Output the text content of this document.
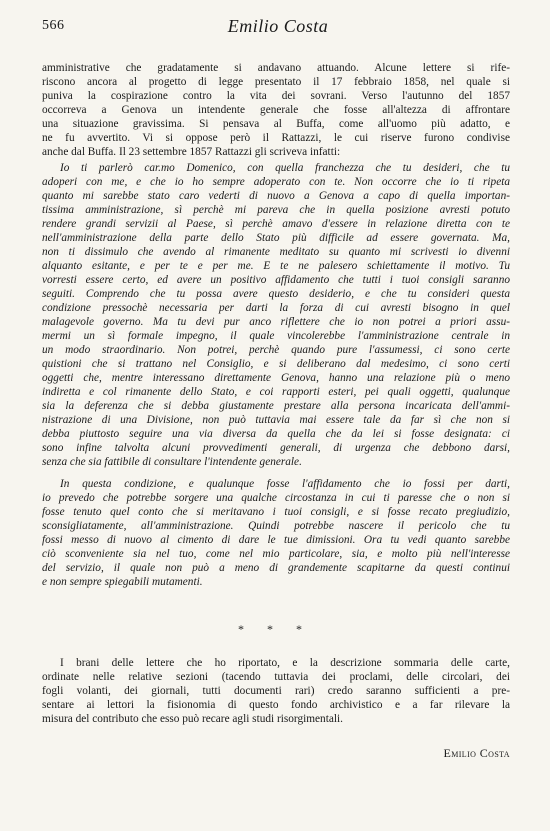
566	Emilio Costa
amministrative che gradatamente si andavano attuando. Alcune lettere si rife-
riscono ancora al progetto di legge presentato il 17 febbraio 1858, nel quale si
puniva la cospirazione contro la vita dei sovrani. Verso l'autunno del 1857
occorreva a Genova un intendente generale che fosse all'altezza di affrontare
una situazione gravissima. Si pensava al Buffa, come all'uomo più adatto, e
ne fu avvertito. Vi si oppose però il Rattazzi, le cui riserve furono condivise
anche dal Buffa. Il 23 settembre 1857 Rattazzi gli scriveva infatti:
Io ti parlerò car.mo Domenico, con quella franchezza che tu desideri, che tu
adoperi con me, e che io ho sempre adoperato con te. Non occorre che io ti ripeta
quanto mi sarebbe stato caro vederti di nuovo a Genova a capo di quella importan-
tissima amministrazione, sì perchè mi pareva che in quella posizione avresti potuto
rendere grandi servizii al Paese, sì perchè amavo d'essere in relazione diretta con te
nell'amministrazione della parte dello Stato più difficile ad essere governata. Ma,
non ti dissimulo che avendo al rimanente meditato su quanto mi scrivesti io divenni
alquanto esitante, e per te e per me. E te ne palesero schiettamente il motivo. Tu
vorresti essere certo, ed avere un positivo affidamento che tutti i tuoi consigli saranno
seguiti. Comprendo che tu possa avere questo desiderio, e che tu consideri questa
condizione pressochè necessaria per darti la forza di cui avresti bisogno in quel
malagevole governo. Ma tu devi pur anco riflettere che io non potrei a priori assu-
mermi un sì formale impegno, il quale vincolerebbe l'amministrazione centrale in
un modo straordinario. Non potrei, perchè quando pure l'assumessi, ci sono certe
quistioni che si trattano nel Consiglio, e si deliberano dal medesimo, ci sono certi
oggetti che, mentre interessano direttamente Genova, hanno una relazione più o meno
indiretta e col rimanente dello Stato, e coi rapporti esteri, pei quali oggetti, qualunque
sia la deferenza che si debba giustamente prestare alla persona incaricata dell'ammi-
nistrazione di una Divisione, non può tuttavia mai essere tale da far sì che non si
debba piuttosto seguire una via diversa da quella che da lei si fosse designata: ci
sono infine talvolta alcuni provvedimenti generali, di urgenza che debbono darsi,
senza che sia fattibile di consultare l'intendente generale.
In questa condizione, e qualunque fosse l'affidamento che io fossi per darti,
io prevedo che potrebbe sorgere una qualche circostanza in cui ti paresse che o non si
fosse tenuto quel conto che si meritavano i tuoi consigli, e si fosse recato pregiudizio,
sconsigliatamente, all'amministrazione. Quindi potrebbe nascere il pericolo che tu
fossi messo di nuovo al cimento di dare le tue dimissioni. Ora tu vedi quanto sarebbe
ciò sconveniente sia nel tuo, come nel mio particolare, sia, e molto più nell'interesse
del servizio, il quale non può a meno di grandemente scapitarne da questi continui
e non sempre spiegabili mutamenti.
* * *
I brani delle lettere che ho riportato, e la descrizione sommaria delle carte,
ordinate nelle relative sezioni (tacendo tuttavia dei proclami, delle circolari, dei
fogli volanti, dei giornali, tutti documenti rari) credo saranno sufficienti a pre-
sentare ai lettori la fisionomia di questo fondo archivistico e a far rilevare la
misura del contributo che esso può recare agli studi risorgimentali.
Emilio Costa
